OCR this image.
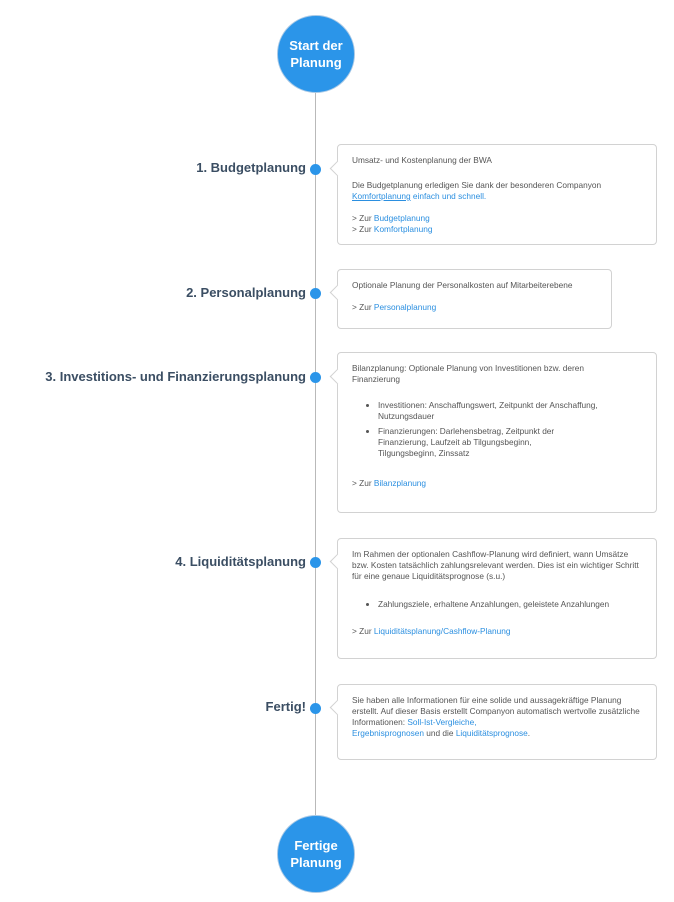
Start der
Planung
1. Budgetplanung	Umsatz- und Kostenplanung der BWA

Die Budgetplanung erledigen Sie dank der besonderen Companyon Komfortplanung einfach und schnell.

> Zur Budgetplanung

> Zur Komfortplanung

2. Personalplanung	Optionale Planung der Personalkosten auf Mitarbeiterebene

> Zur Personalplanung

3. Investitions- und Finanzierungsplanung

Bilanzplanung: Optionale Planung von Investitionen bzw. deren Finanzierung

• Investitionen: Anschaffungswert, Zeitpunkt der Anschaffung, Nutzungsdauer
• Finanzierungen: Darlehensbetrag, Zeitpunkt der Finanzierung, Laufzeit ab Tilgungsbeginn, Tilgungsbeginn, Zinssatz

> Zur Bilanzplanung

4. Liquiditätsplanung	Im Rahmen der optionalen Cashflow-Planung wird definiert, wann Umsätze bzw. Kosten tatsächlich zahlungsrelevant werden. Dies ist ein wichtiger Schritt für eine genaue Liquiditätsprognose (s.u.)

• Zahlungsziele, erhaltene Anzahlungen, geleistete Anzahlungen

> Zur Liquiditätsplanung/Cashflow-Planung

Fertig!	Sie haben alle Informationen für eine solide und aussagekräftige Planung erstellt. Auf dieser Basis erstellt Companyon automatisch wertvolle zusätzliche Informationen: Soll-Ist-Vergleiche,
Ergebnisprognosen und die Liquiditätsprognose.

Fertige
Planung
